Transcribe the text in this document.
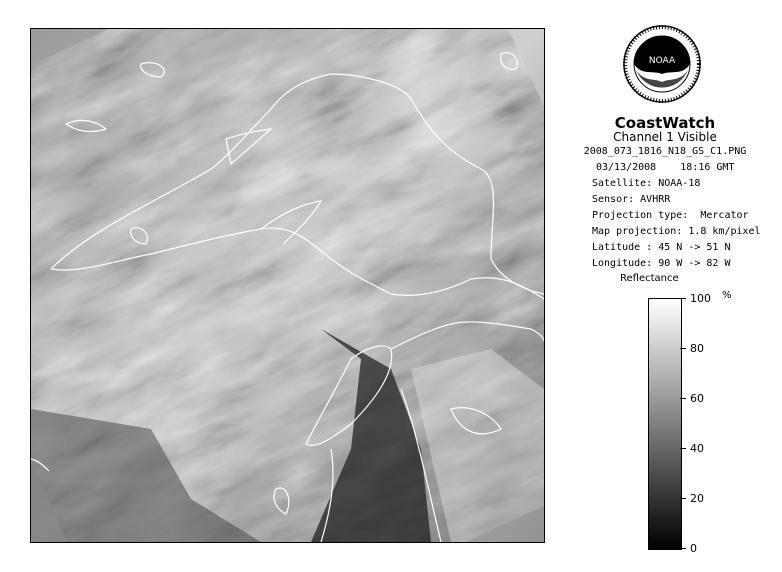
NOAA
CoastWatch
Channel 1 Visible
2008_073_1816_N18_GS_C1.PNG
03/13/2008    18:16 GMT
Satellite: NOAA-18
Sensor: AVHRR
Projection type:  Mercator
Map projection: 1.8 km/pixel
Latitude : 45 N -> 51 N
Longitude: 90 W -> 82 W
Reflectance
%
100
80
60
40
20
0
